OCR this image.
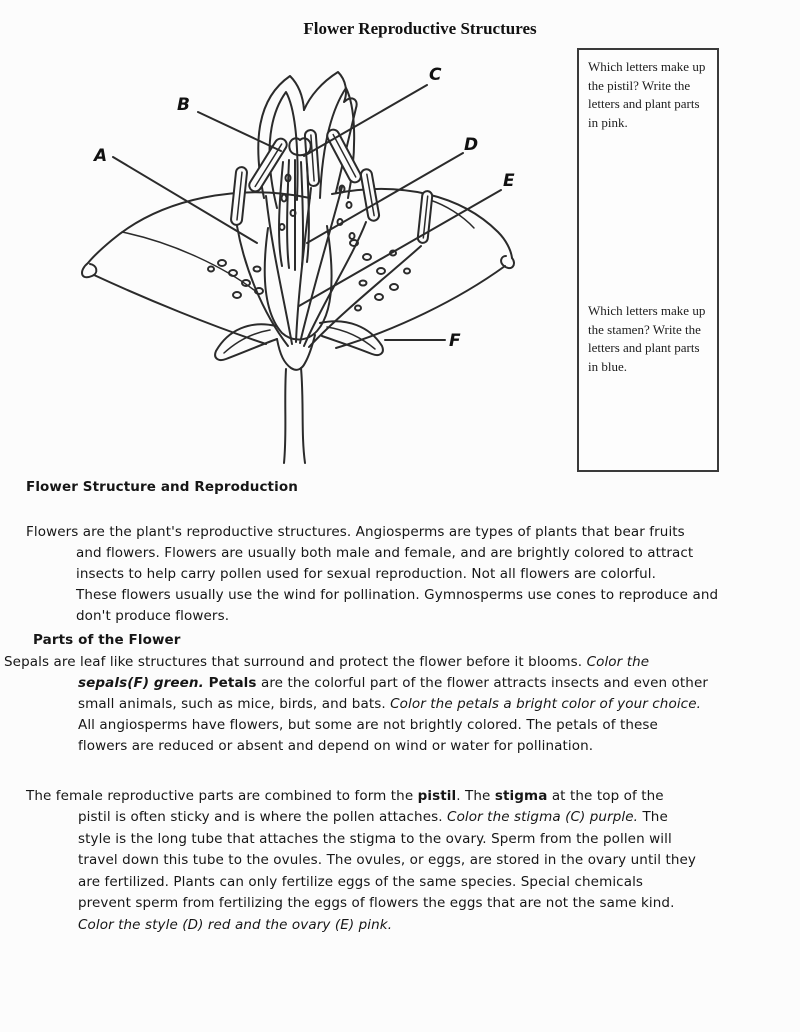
Flower Reproductive Structures
A
B
C
D
E
F
Which letters make up the pistil? Write the letters and plant parts in pink.
Which letters make up the stamen? Write the letters and plant parts in blue.
Flower Structure and Reproduction
Flowers are the plant's reproductive structures. Angiosperms are types of plants that bear fruits
and flowers. Flowers are usually both male and female, and are brightly colored to attract
insects to help carry pollen used for sexual reproduction. Not all flowers are colorful.
These flowers usually use the wind for pollination. Gymnosperms use cones to reproduce and
don't produce flowers.
Parts of the Flower
Sepals are leaf like structures that surround and protect the flower before it blooms. Color the
sepals(F) green. Petals are the colorful part of the flower attracts insects and even other
small animals, such as mice, birds, and bats. Color the petals a bright color of your choice.
All angiosperms have flowers, but some are not brightly colored. The petals of these
flowers are reduced or absent and depend on wind or water for pollination.
The female reproductive parts are combined to form the pistil. The stigma at the top of the
pistil is often sticky and is where the pollen attaches. Color the stigma (C) purple. The
style is the long tube that attaches the stigma to the ovary. Sperm from the pollen will
travel down this tube to the ovules. The ovules, or eggs, are stored in the ovary until they
are fertilized. Plants can only fertilize eggs of the same species. Special chemicals
prevent sperm from fertilizing the eggs of flowers the eggs that are not the same kind.
Color the style (D) red and the ovary (E) pink.
